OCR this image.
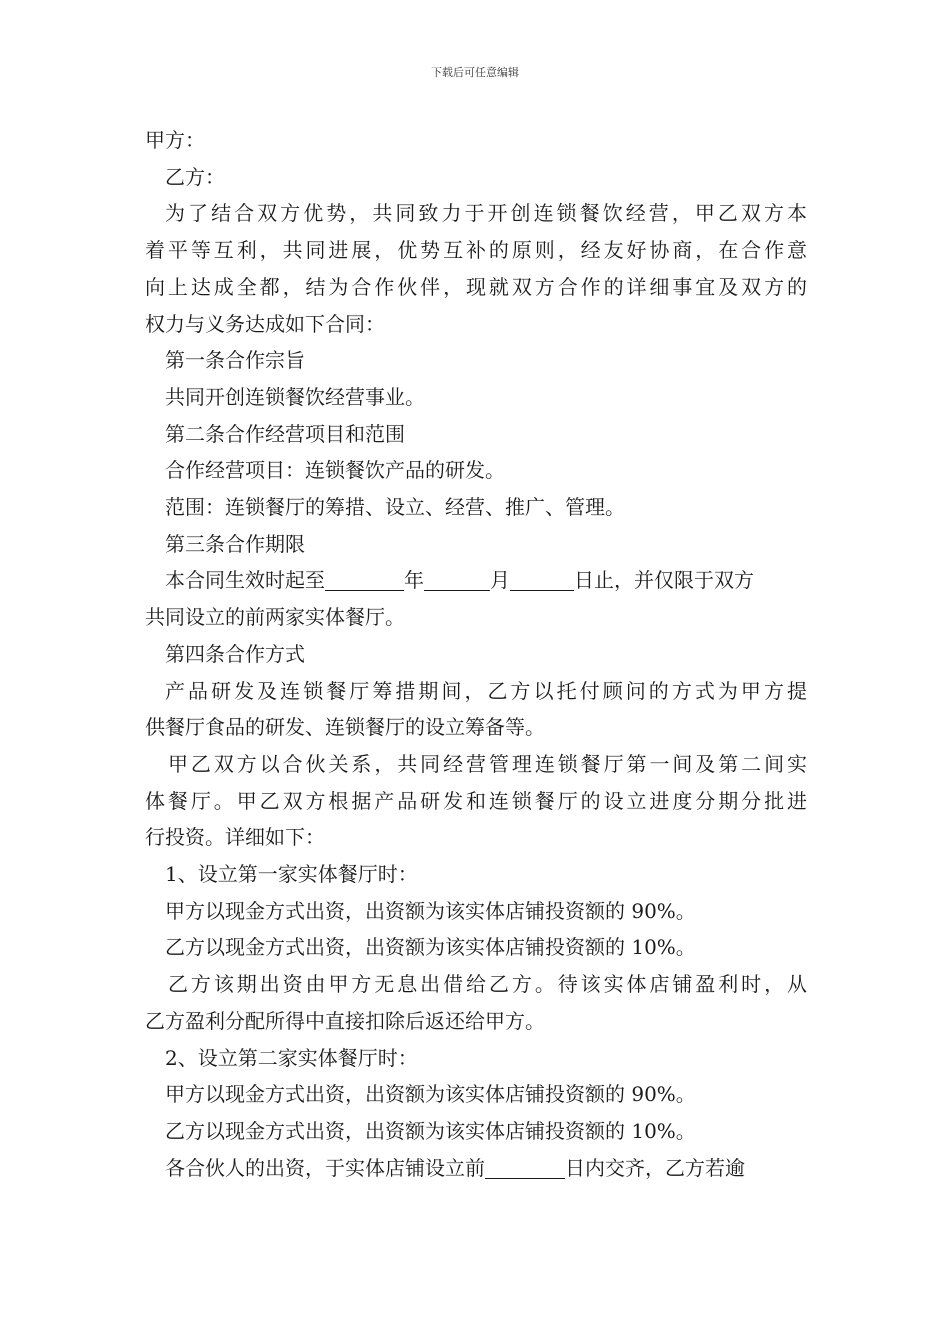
下载后可任意编辑

甲方：

乙方：

为了结合双方优势，共同致力于开创连锁餐饮经营，甲乙双方本

着平等互利，共同进展，优势互补的原则，经友好协商，在合作意

向上达成全都，结为合作伙伴，现就双方合作的详细事宜及双方的

权力与义务达成如下合同：

第一条合作宗旨

共同开创连锁餐饮经营事业。

第二条合作经营项目和范围

合作经营项目：连锁餐饮产品的研发。

范围：连锁餐厅的筹措、设立、经营、推广、管理。

第三条合作期限

本合同生效时起至	年	月	日止，并仅限于双方

共同设立的前两家实体餐厅。

第四条合作方式

产品研发及连锁餐厅筹措期间，乙方以托付顾问的方式为甲方提

供餐厅食品的研发、连锁餐厅的设立筹备等。

甲乙双方以合伙关系，共同经营管理连锁餐厅第一间及第二间实

体餐厅。甲乙双方根据产品研发和连锁餐厅的设立进度分期分批进

行投资。详细如下：

1、设立第一家实体餐厅时：

甲方以现金方式出资，出资额为该实体店铺投资额的 90%。

乙方以现金方式出资，出资额为该实体店铺投资额的 10%。

乙方该期出资由甲方无息出借给乙方。待该实体店铺盈利时，从

乙方盈利分配所得中直接扣除后返还给甲方。

2、设立第二家实体餐厅时：

甲方以现金方式出资，出资额为该实体店铺投资额的 90%。

乙方以现金方式出资，出资额为该实体店铺投资额的 10%。

各合伙人的出资，于实体店铺设立前	日内交齐，乙方若逾
